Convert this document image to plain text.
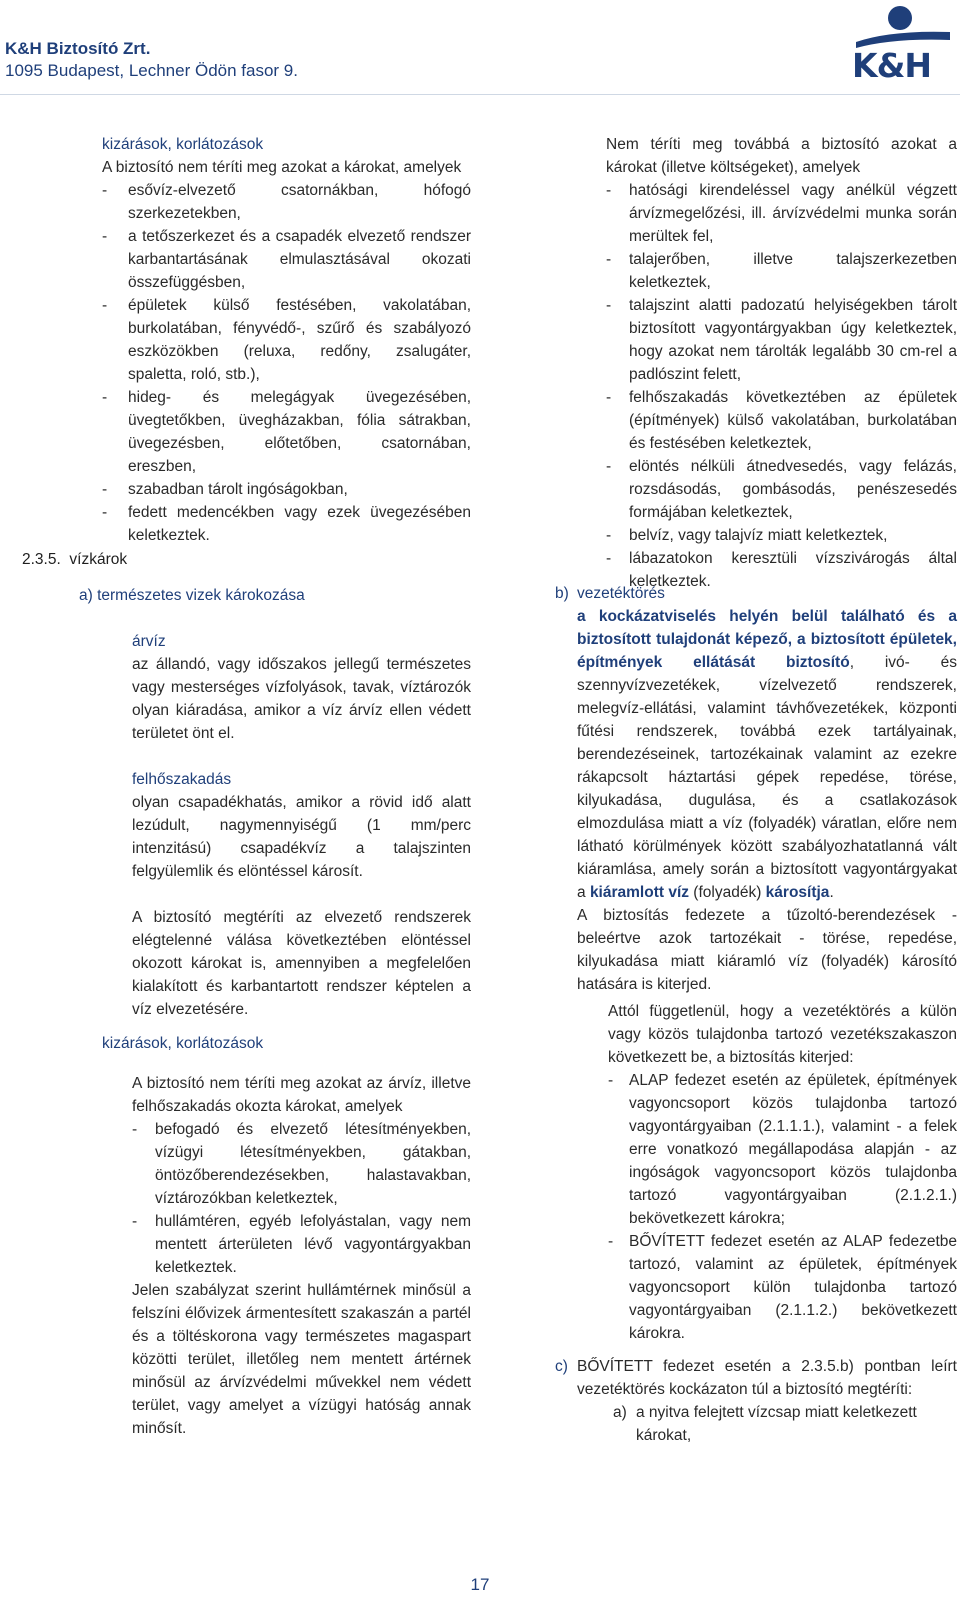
K&H Biztosító Zrt.
1095 Budapest, Lechner Ödön fasor 9.	K&H
2.3.5. vízkárok

kizárások, korlátozások

A biztosító nem téríti meg azokat a károkat, amelyek

-	esővíz-elvezető csatornákban, hófogó szerkezetekben,
-	a tetőszerkezet és a csapadék elvezető rendszer karbantartásának elmulasztásával okozati összefüggésben,
-	épületek külső festésében, vakolatában, burkolatában, fényvédő-, szűrő és szabályozó eszközökben (reluxa, redőny, zsalugáter, spaletta, roló, stb.),
-	hideg- és melegágyak üvegezésében, üvegtetőkben, üvegházakban, fólia sátrakban, üvegezésben, előtetőben, csatornában, ereszben,
-	szabadban tárolt ingóságokban,
-	fedett medencékben vagy ezek üvegezésében keletkeztek.

a) természetes vizek károkozása

árvíz

az állandó, vagy időszakos jellegű természetes vagy mesterséges vízfolyások, tavak, víztározók olyan kiáradása, amikor a víz árvíz ellen védett területet önt el.

felhőszakadás

olyan csapadékhatás, amikor a rövid idő alatt lezúdult, nagymennyiségű (1 mm/perc intenzitású) csapadékvíz a talajszinten felgyülemlik és elöntéssel károsít.

A biztosító megtéríti az elvezető rendszerek elégtelenné válása következtében elöntéssel okozott károkat is, amennyiben a megfelelően kialakított és karbantartott rendszer képtelen a víz elvezetésére.

kizárások, korlátozások

A biztosító nem téríti meg azokat az árvíz, illetve felhőszakadás okozta károkat, amelyek

-	befogadó és elvezető létesítményekben, vízügyi létesítményekben, gátakban, öntözőberendezésekben, halastavakban, víztározókban keletkeztek,
-	hullámtéren, egyéb lefolyástalan, vagy nem mentett árterületen lévő vagyontárgyakban keletkeztek.

Jelen szabályzat szerint hullámtérnek minősül a felszíni élővizek ármentesített szakaszán a partél és a töltéskorona vagy természetes magaspart közötti terület, illetőleg nem mentett ártérnek minősül az árvízvédelmi művekkel nem védett terület, vagy amelyet a vízügyi hatóság annak minősít.

Nem téríti meg továbbá a biztosító azokat a károkat (illetve költségeket), amelyek

-	hatósági kirendeléssel vagy anélkül végzett árvízmegelőzési, ill. árvízvédelmi munka során merültek fel,
-	talajerőben, illetve talajszerkezetben keletkeztek,
-	talajszint alatti padozatú helyiségekben tárolt biztosított vagyontárgyakban úgy keletkeztek, hogy azokat nem tárolták legalább 30 cm-rel a padlószint felett,
-	felhőszakadás következtében az épületek (építmények) külső vakolatában, burkolatában és festésében keletkeztek,
-	elöntés nélküli átnedvesedés, vagy felázás, rozsdásodás, gombásodás, penészesedés formájában keletkeztek,
-	belvíz, vagy talajvíz miatt keletkeztek,
-	lábazatokon keresztüli vízszivárogás által keletkeztek.

b) vezetéktörés

a kockázatviselés helyén belül található és a biztosított tulajdonát képező, a biztosított épületek, építmények ellátását biztosító, ivó- és szennyvízvezetékek, vízelvezető rendszerek, melegvíz-ellátási, valamint távhővezetékek, központi fűtési rendszerek, továbbá ezek tartályainak, berendezéseinek, tartozékainak valamint az ezekre rákapcsolt háztartási gépek repedése, törése, kilyukadása, dugulása, és a csatlakozások elmozdulása miatt a víz (folyadék) váratlan, előre nem látható körülmények között szabályozhatatlanná vált kiáramlása, amely során a biztosított vagyontárgyakat a kiáramlott víz (folyadék) károsítja.

A biztosítás fedezete a tűzoltó-berendezések - beleértve azok tartozékait - törése, repedése, kilyukadása miatt kiáramló víz (folyadék) károsító hatására is kiterjed.

Attól függetlenül, hogy a vezetéktörés a külön vagy közös tulajdonba tartozó vezetékszakaszon következett be, a biztosítás kiterjed:

-	ALAP fedezet esetén az épületek, építmények vagyoncsoport közös tulajdonba tartozó vagyontárgyaiban (2.1.1.1.), valamint - a felek erre vonatkozó megállapodása alapján - az ingóságok vagyoncsoport közös tulajdonba tartozó vagyontárgyaiban (2.1.2.1.) bekövetkezett károkra;
-	BŐVÍTETT fedezet esetén az ALAP fedezetbe tartozó, valamint az épületek, építmények vagyoncsoport külön tulajdonba tartozó vagyontárgyaiban (2.1.1.2.) bekövetkezett károkra.

c) BŐVÍTETT fedezet esetén a 2.3.5.b) pontban leírt vezetéktörés kockázaton túl a biztosító megtéríti:

a) a nyitva felejtett vízcsap miatt keletkezett károkat,
17
